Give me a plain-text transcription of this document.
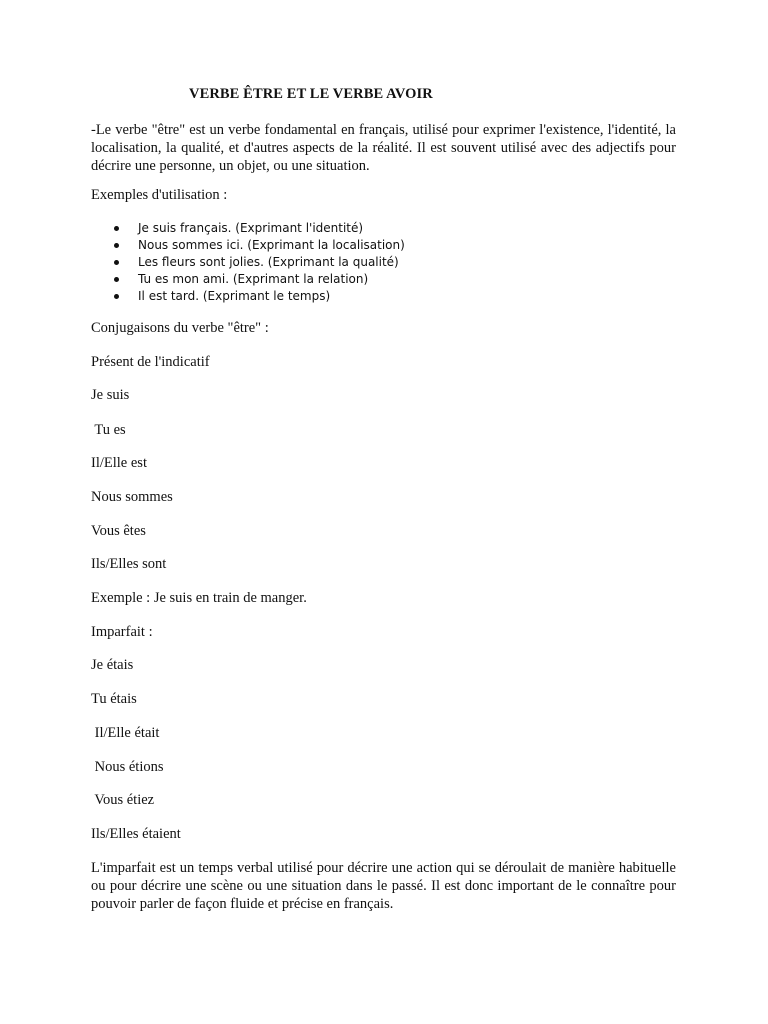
VERBE ÊTRE ET LE VERBE AVOIR

-Le verbe "être" est un verbe fondamental en français, utilisé pour exprimer l'existence, l'identité, la localisation, la qualité, et d'autres aspects de la réalité. Il est souvent utilisé avec des adjectifs pour décrire une personne, un objet, ou une situation.

Exemples d'utilisation :
Je suis français. (Exprimant l'identité)
Nous sommes ici. (Exprimant la localisation)
Les fleurs sont jolies. (Exprimant la qualité)
Tu es mon ami. (Exprimant la relation)
Il est tard. (Exprimant le temps)
Conjugaisons du verbe "être" :
Présent de l'indicatif
Je suis
Tu es
Il/Elle est
Nous sommes
Vous êtes
Ils/Elles sont
Exemple : Je suis en train de manger.
Imparfait :
Je étais
Tu étais
Il/Elle était
Nous étions
Vous étiez
Ils/Elles étaient

L'imparfait est un temps verbal utilisé pour décrire une action qui se déroulait de manière habituelle ou pour décrire une scène ou une situation dans le passé. Il est donc important de le connaître pour pouvoir parler de façon fluide et précise en français.
